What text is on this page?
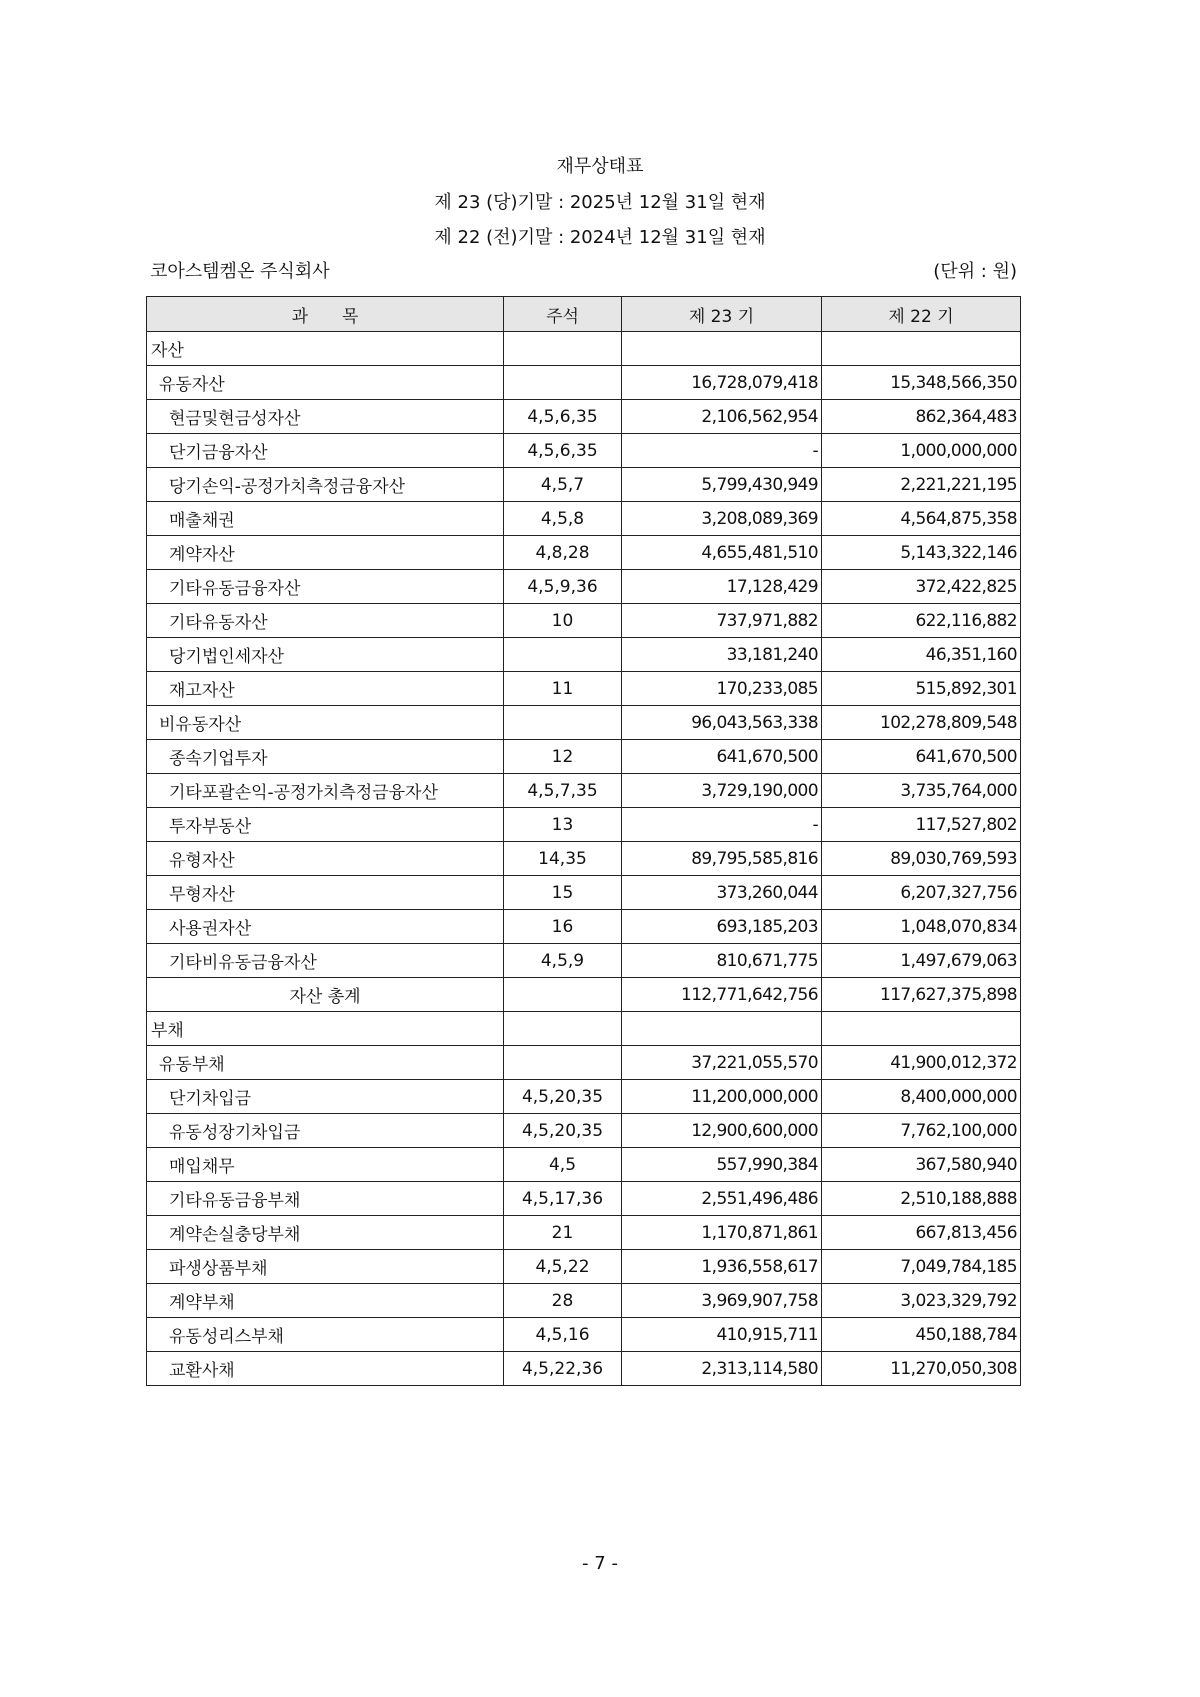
재무상태표
제 23 (당)기말 : 2025년 12월 31일 현재
제 22 (전)기말 : 2024년 12월 31일 현재
코아스템켐온 주식회사	(단위 : 원)
과　　목	주석	제 23 기	제 22 기
자산			
유동자산		16,728,079,418	15,348,566,350
현금및현금성자산	4,5,6,35	2,106,562,954	862,364,483
단기금융자산	4,5,6,35	-	1,000,000,000
당기손익-공정가치측정금융자산	4,5,7	5,799,430,949	2,221,221,195
매출채권	4,5,8	3,208,089,369	4,564,875,358
계약자산	4,8,28	4,655,481,510	5,143,322,146
기타유동금융자산	4,5,9,36	17,128,429	372,422,825
기타유동자산	10	737,971,882	622,116,882
당기법인세자산		33,181,240	46,351,160
재고자산	11	170,233,085	515,892,301
비유동자산		96,043,563,338	102,278,809,548
종속기업투자	12	641,670,500	641,670,500
기타포괄손익-공정가치측정금융자산	4,5,7,35	3,729,190,000	3,735,764,000
투자부동산	13	-	117,527,802
유형자산	14,35	89,795,585,816	89,030,769,593
무형자산	15	373,260,044	6,207,327,756
사용권자산	16	693,185,203	1,048,070,834
기타비유동금융자산	4,5,9	810,671,775	1,497,679,063
자산 총계		112,771,642,756	117,627,375,898
부채			
유동부채		37,221,055,570	41,900,012,372
단기차입금	4,5,20,35	11,200,000,000	8,400,000,000
유동성장기차입금	4,5,20,35	12,900,600,000	7,762,100,000
매입채무	4,5	557,990,384	367,580,940
기타유동금융부채	4,5,17,36	2,551,496,486	2,510,188,888
계약손실충당부채	21	1,170,871,861	667,813,456
파생상품부채	4,5,22	1,936,558,617	7,049,784,185
계약부채	28	3,969,907,758	3,023,329,792
유동성리스부채	4,5,16	410,915,711	450,188,784
교환사채	4,5,22,36	2,313,114,580	11,270,050,308
- 7 -
